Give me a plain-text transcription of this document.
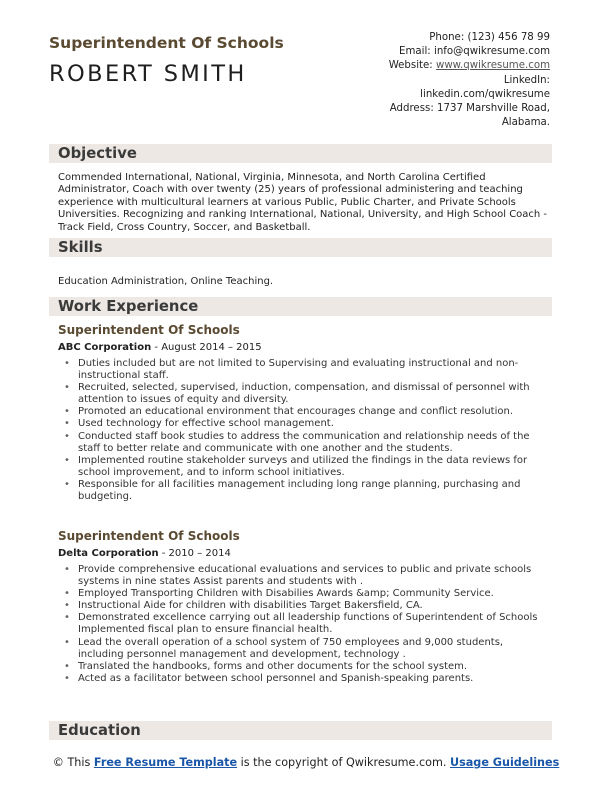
Superintendent Of Schools
ROBERT SMITH
Phone: (123) 456 78 99
Email: info@qwikresume.com
Website: www.qwikresume.com
LinkedIn:
linkedin.com/qwikresume
Address: 1737 Marshville Road,
Alabama.
Objective
Commended International, National, Virginia, Minnesota, and North Carolina Certified Administrator, Coach with over twenty (25) years of professional administering and teaching experience with multicultural learners at various Public, Public Charter, and Private Schools Universities. Recognizing and ranking International, National, University, and High School Coach - Track Field, Cross Country, Soccer, and Basketball.
Skills
Education Administration, Online Teaching.
Work Experience
Superintendent Of Schools
ABC Corporation - August 2014 – 2015
• Duties included but are not limited to Supervising and evaluating instructional and non-instructional staff.
• Recruited, selected, supervised, induction, compensation, and dismissal of personnel with attention to issues of equity and diversity.
• Promoted an educational environment that encourages change and conflict resolution.
• Used technology for effective school management.
• Conducted staff book studies to address the communication and relationship needs of the staff to better relate and communicate with one another and the students.
• Implemented routine stakeholder surveys and utilized the findings in the data reviews for school improvement, and to inform school initiatives.
• Responsible for all facilities management including long range planning, purchasing and budgeting.
Superintendent Of Schools
Delta Corporation - 2010 – 2014
• Provide comprehensive educational evaluations and services to public and private schools systems in nine states Assist parents and students with .
• Employed Transporting Children with Disabilies Awards &amp; Community Service.
• Instructional Aide for children with disabilities Target Bakersfield, CA.
• Demonstrated excellence carrying out all leadership functions of Superintendent of Schools Implemented fiscal plan to ensure financial health.
• Lead the overall operation of a school system of 750 employees and 9,000 students, including personnel management and development, technology .
• Translated the handbooks, forms and other documents for the school system.
• Acted as a facilitator between school personnel and Spanish-speaking parents.
Education
© This Free Resume Template is the copyright of Qwikresume.com. Usage Guidelines
